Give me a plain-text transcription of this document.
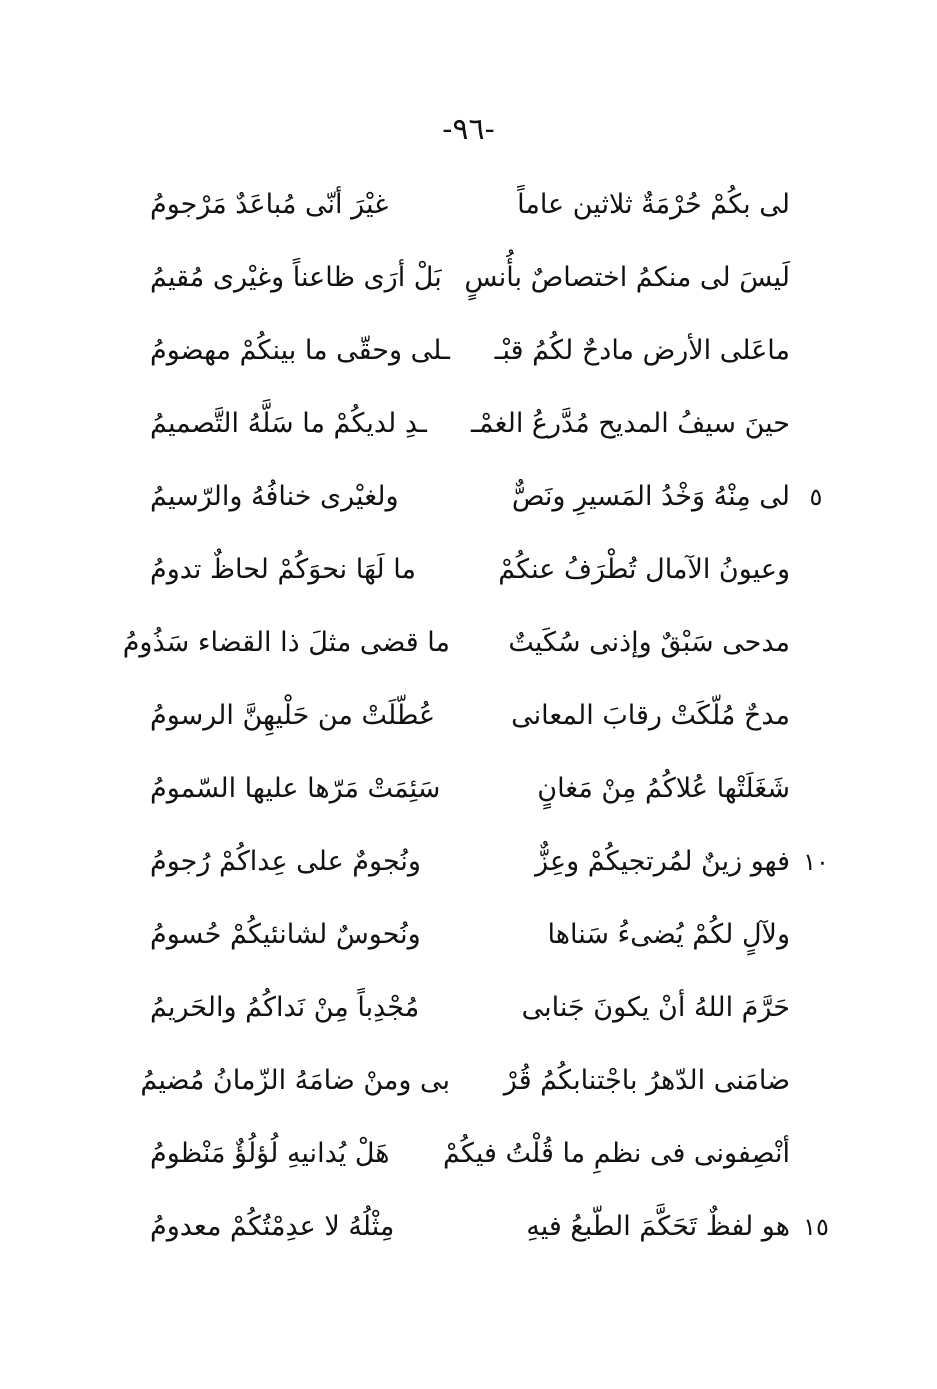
-٩٦-
لى بكُمْ حُرْمَةٌ ثلاثين عاماً
غيْرَ أنّى مُباعَدٌ مَرْجومُ
لَيسَ لى منكمُ اختصاصٌ بأُنسٍ
بَلْ أرَى ظاعناً وغيْرى مُقيمُ
ماعَلى الأرض مادحٌ لكُمُ قبْـ
ـلى وحقّى ما بينكُمْ مهضومُ
حينَ سيفُ المديح مُدَّرعُ الغمْـ
ـدِ لديكُمْ ما سَلَّهُ التَّصميمُ
٥
لى مِنْهُ وَخْدُ المَسيرِ ونَصٌّ
ولغيْرى خنافُهُ والرّسيمُ
وعيونُ الآمال تُطْرَفُ عنكُمْ
ما لَهَا نحوَكُمْ لحاظٌ تدومُ
مدحى سَبْقٌ وإذنى سُكَيتٌ
ما قضى مثلَ ذا القضاء سَذُومُ
مدحٌ مُلّكَتْ رقابَ المعانى
عُطّلَتْ من حَلْيهِنَّ الرسومُ
شَغَلَتْها عُلاكُمُ مِنْ مَغانٍ
سَئِمَتْ مَرّها عليها السّمومُ
١٠
فهو زينٌ لمُرتجيكُمْ وعِزٌّ
ونُجومٌ على عِداكُمْ رُجومُ
ولآلٍ لكُمْ يُضىءُ سَناها
ونُحوسٌ لشانئيكُمْ حُسومُ
حَرَّمَ اللهُ أنْ يكونَ جَنابى
مُجْدِباً مِنْ نَداكُمُ والحَريمُ
ضامَنى الدّهرُ باجْتنابكُمُ قُرْ
بى ومنْ ضامَهُ الزّمانُ مُضيمُ
أنْصِفونى فى نظمِ ما قُلْتُ فيكُمْ
هَلْ يُدانيهِ لُؤلُؤٌ مَنْظومُ
١٥
هو لفظٌ تَحَكَّمَ الطّبعُ فيهِ
مِثْلُهُ لا عدِمْتُكُمْ معدومُ
